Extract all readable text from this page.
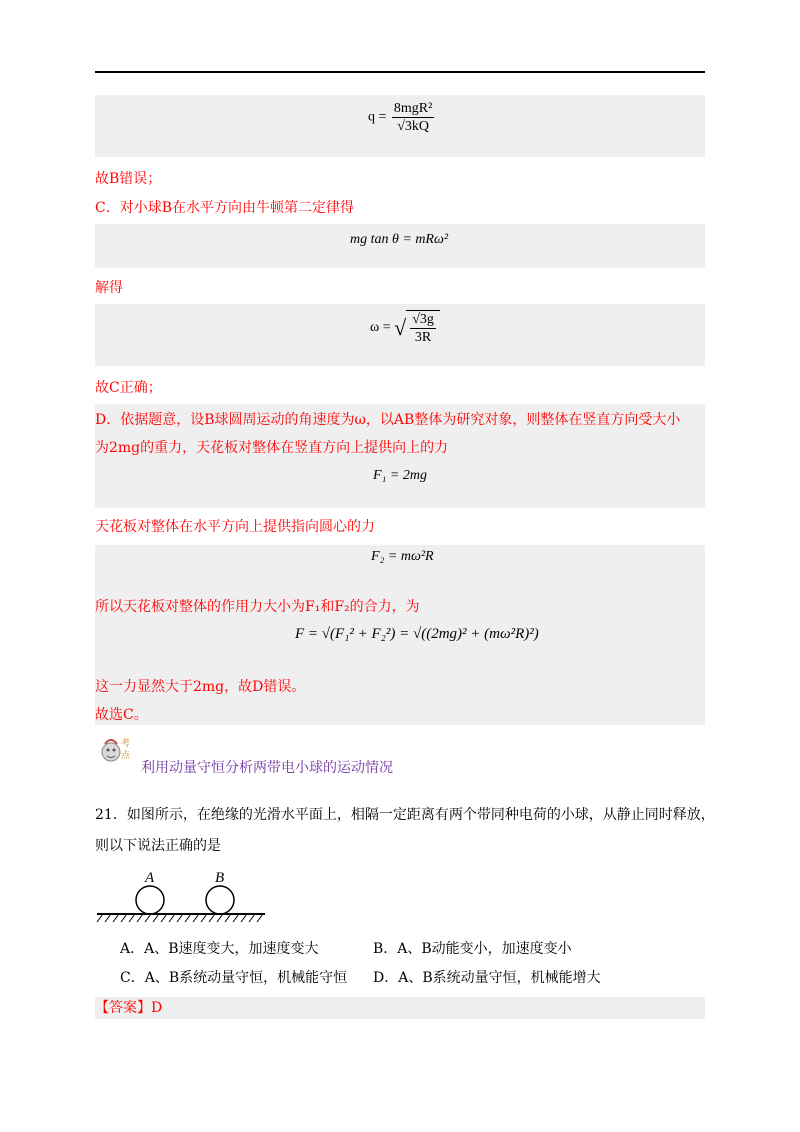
$q = \frac{\text{8mgR²}}{√3kQ}$
故B错误；
C．对小球B在水平方向由牛顿第二定律得
mg tan θ = mRω²
解得
ω = √ $\frac{√3g}{3R}$
故C正确；
D．依据题意，设B球圆周运动的角速度为ω，以AB整体为研究对象，则整体在竖直方向受大小
为2mg的重力，天花板对整体在竖直方向上提供向上的力
F₁ = 2mg
天花板对整体在水平方向上提供指向圆心的力
F₂ = mω²R
所以天花板对整体的作用力大小为F₁和F₂的合力，为
F = √(F₁² + F₂²) = √((2mg)² + (mω²R)²)
这一力显然大于2mg，故D错误。
故选C。
考点
利用动量守恒分析两带电小球的运动情况
21．如图所示，在绝缘的光滑水平面上，相隔一定距离有两个带同种电荷的小球，从静止同时释放，
则以下说法正确的是
A	B
A．A、B速度变大，加速度变大	B．A、B动能变小，加速度变小
C．A、B系统动量守恒，机械能守恒 D．A、B系统动量守恒，机械能增大
【答案】D
